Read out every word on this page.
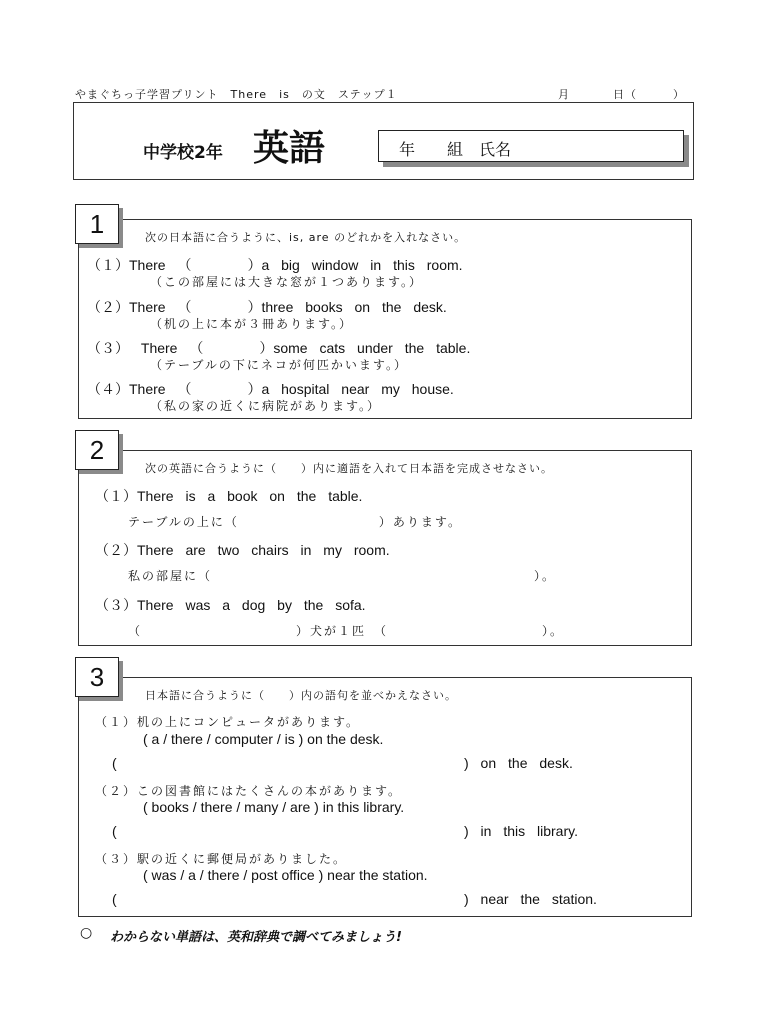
やまぐちっ子学習プリント　There　is　の文　ステップ１	月	日（　　　）
中学校2年 英語	年　　組　氏名
1	次の日本語に合うように、is, are のどれかを入れなさい。
（１）There （　　　　）a big window in this room.
（この部屋には大きな窓が１つあります。）
（２）There （　　　　）three books on the desk.
（机の上に本が３冊あります。）
（３） There （　　　　）some cats under the table.
（テーブルの下にネコが何匹かいます。）
（４）There （　　　　）a hospital near my house.
（私の家の近くに病院があります。）
2
次の英語に合うように（　　）内に適語を入れて日本語を完成させなさい。
（１）There is a book on the table.
テーブルの上に（　　　　　　　　　　）あります。
（２）There are two chairs in my room.
私の部屋に（　　　　　　　　　　　　　　　　　　　　　　　）。
（３）There was a dog by the sofa.
（　　　　　　　　　　　）犬が１匹　（　　　　　　　　　　　）。
3
日本語に合うように（　　）内の語句を並べかえなさい。
（１）机の上にコンピュータがあります。
( a / there / computer / is ) on the desk.
(	) on the desk.
（２）この図書館にはたくさんの本があります。
( books / there / many / are ) in this library.
(	) in this library.
（３）駅の近くに郵便局がありました。
( was / a / there / post office ) near the station.
(	) near the station.
○ わからない単語は、英和辞典で調べてみましょう!
